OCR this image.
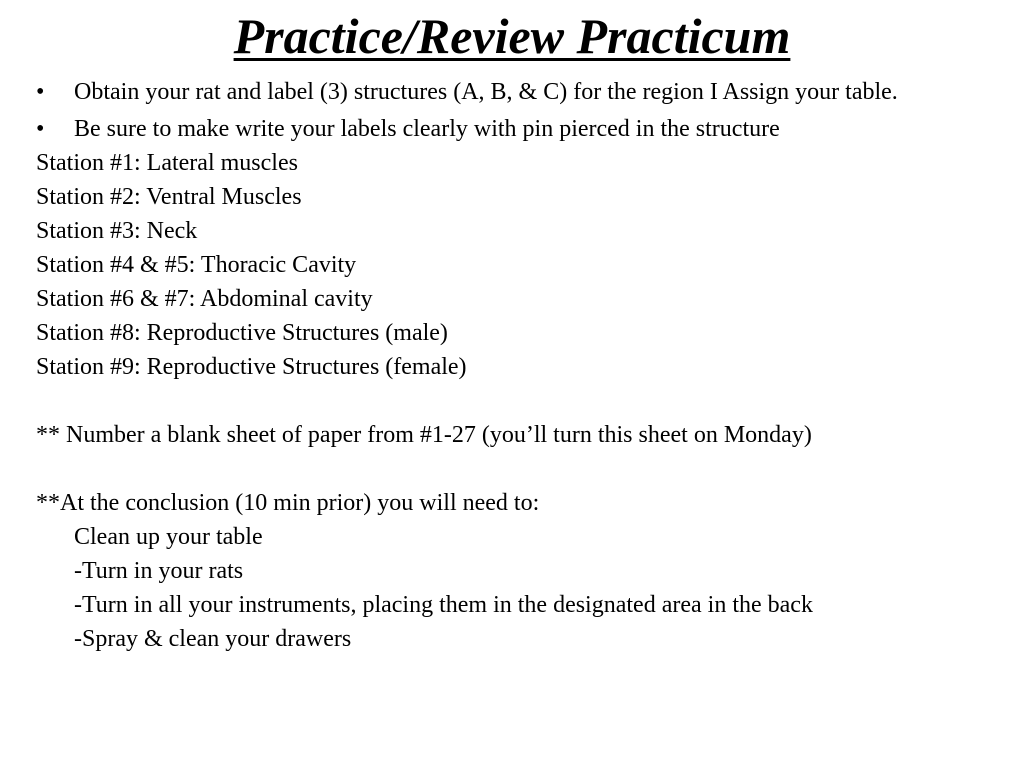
Practice/Review Practicum
• Obtain your rat and label (3) structures (A, B, & C) for the region I Assign your table.
• Be sure to make write your labels clearly with pin pierced in the structure
Station #1: Lateral muscles
Station #2: Ventral Muscles
Station #3: Neck
Station #4 & #5: Thoracic Cavity
Station #6 & #7: Abdominal cavity
Station #8: Reproductive Structures (male)
Station #9: Reproductive Structures (female)
** Number a blank sheet of paper from #1-27 (you’ll turn this sheet on Monday)
**At the conclusion (10 min prior) you will need to:
Clean up your table
-Turn in your rats
-Turn in all your instruments, placing them in the designated area in the back
-Spray & clean your drawers
